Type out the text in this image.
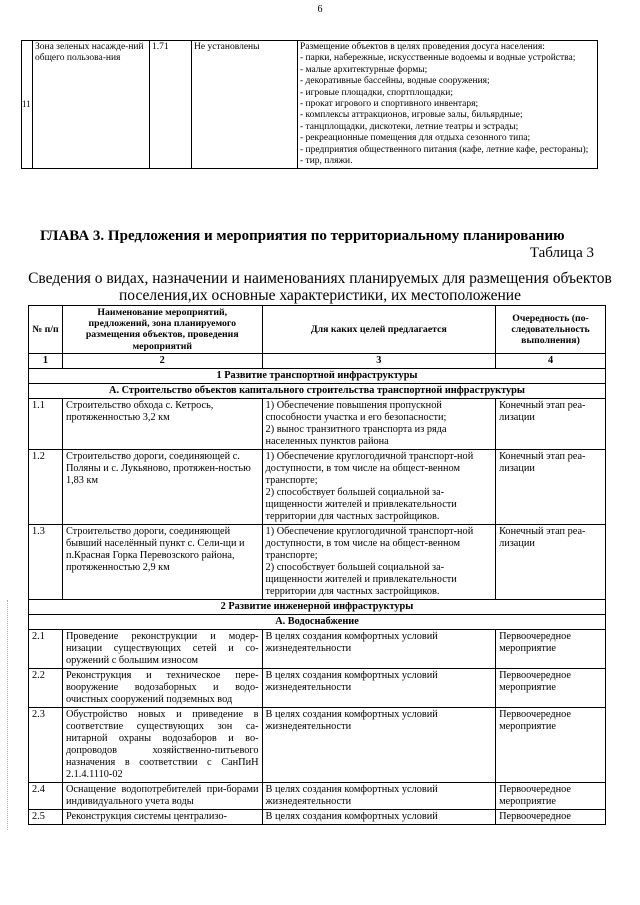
6
11	Зона зеленых насажде-ний общего пользова-ния	1.71	Не установлены	Размещение объектов в целях проведения досуга населения:
- парки, набережные, искусственные водоемы и водные устройства;
- малые архитектурные формы;
- декоративные бассейны, водные сооружения;
- игровые площадки, спортплощадки;
- прокат игрового и спортивного инвентаря;
- комплексы аттракционов, игровые залы, бильярдные;
- танцплощадки, дискотеки, летние театры и эстрады;
- рекреационные помещения для отдыха сезонного типа;
- предприятия общественного питания (кафе, летние кафе, рестораны);
- тир, пляжи.
ГЛАВА 3. Предложения и мероприятия по территориальному планированию
Таблица 3
Сведения о видах, назначении и наименованиях планируемых для размещения объектов поселения,их основные характеристики, их местоположение
№ п/п	Наименование мероприятий, предложений, зона планируемого размещения объектов, проведения мероприятий	Для каких целей предлагается	Очередность (по-следовательность выполнения)
1	2	3	4
1 Развитие транспортной инфраструктуры			
А. Строительство объектов капитального строительства транспортной инфраструктуры			
1.1	Строительство обхода с. Кетрось, протяженностью 3,2 км	1) Обеспечение повышения пропускной способности участка и его безопасности;
2) вынос транзитного транспорта из ряда населенных пунктов района	Конечный этап реа-лизации
1.2	Строительство дороги, соединяющей с. Поляны и с. Лукьяново, протяжен-ностью 1,83 км	1) Обеспечение круглогодичной транспорт-ной доступности, в том числе на общест-венном транспорте;
2) способствует большей социальной за-щищенности жителей и привлекательности территории для частных застройщиков.	Конечный этап реа-лизации
1.3	Строительство дороги, соединяющей бывший населённый пункт с. Сели-щи и п.Красная Горка Перевозского района, протяженностью 2,9 км	1) Обеспечение круглогодичной транспорт-ной доступности, в том числе на общест-венном транспорте;
2) способствует большей социальной за-щищенности жителей и привлекательности территории для частных застройщиков.	Конечный этап реа-лизации
2 Развитие инженерной инфраструктуры			
А. Водоснабжение			
2.1	Проведение реконструкции и модер-низации существующих сетей и со-оружений с большим износом	В целях создания комфортных условий жизнедеятельности	Первоочередное мероприятие
2.2	Реконструкция и техническое пере-вооружение водозаборных и водо-очистных сооружений подземных вод	В целях создания комфортных условий жизнедеятельности	Первоочередное мероприятие
2.3	Обустройство новых и приведение в соответствие существующих зон са-нитарной охраны водозаборов и во-допроводов хозяйственно-питьевого назначения в соответствии с СанПиН 2.1.4.1110-02	В целях создания комфортных условий жизнедеятельности	Первоочередное мероприятие
2.4	Оснащение водопотребителей при-борами индивидуального учета воды	В целях создания комфортных условий жизнедеятельности	Первоочередное мероприятие
2.5	Реконструкция системы централизо-	В целях создания комфортных условий	Первоочередное
